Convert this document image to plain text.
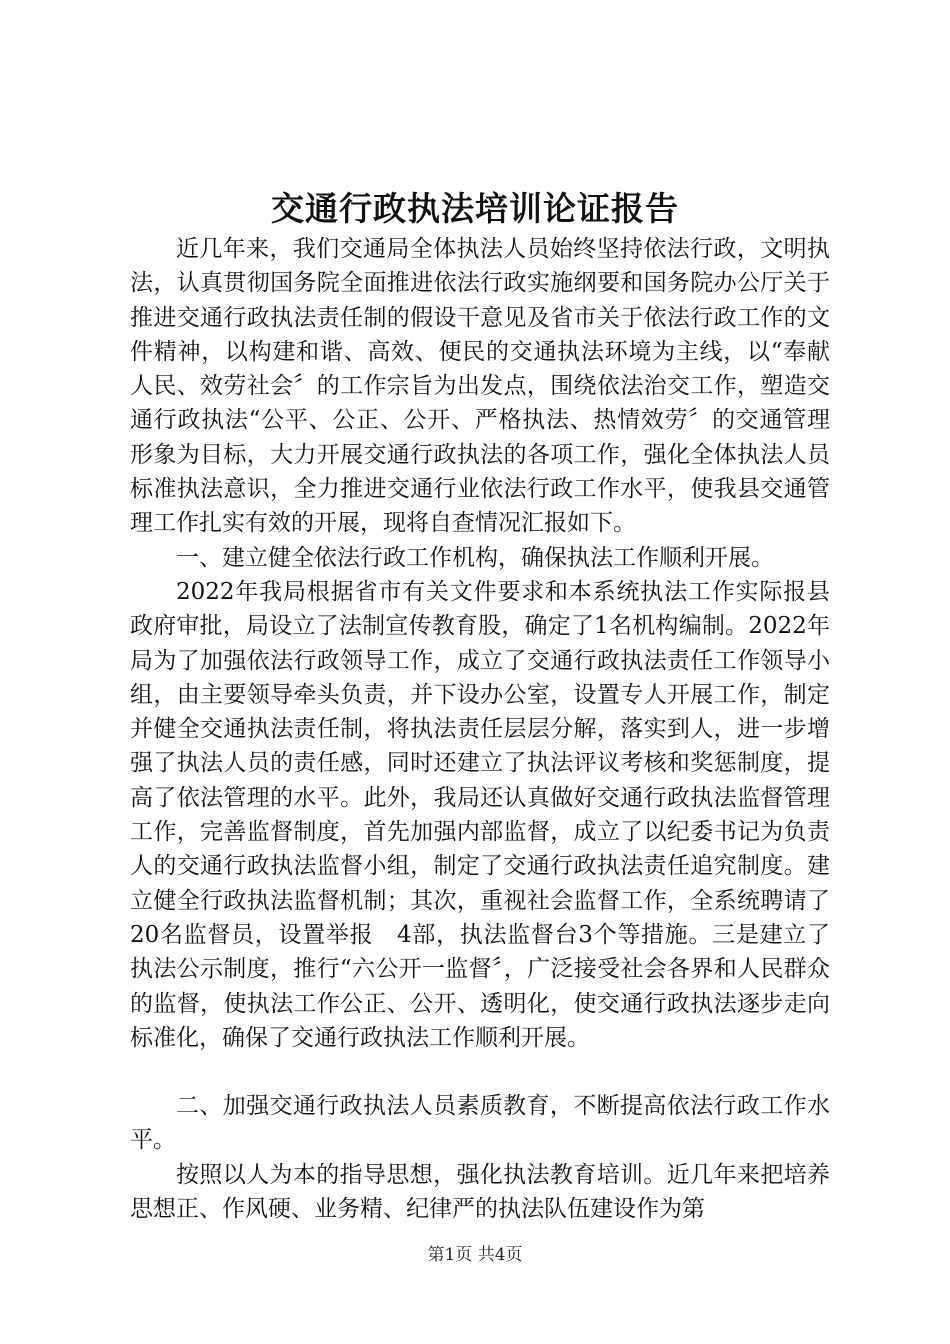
交通行政执法培训论证报告

近几年来，我们交通局全体执法人员始终坚持依法行政，文明执法，认真贯彻国务院全面推进依法行政实施纲要和国务院办公厅关于推进交通行政执法责任制的假设干意见及省市关于依法行政工作的文件精神，以构建和谐、高效、便民的交通执法环境为主线，以“奉献人民、效劳社会〞的工作宗旨为出发点，围绕依法治交工作，塑造交通行政执法“公平、公正、公开、严格执法、热情效劳〞的交通管理形象为目标，大力开展交通行政执法的各项工作，强化全体执法人员标准执法意识，全力推进交通行业依法行政工作水平，使我县交通管理工作扎实有效的开展，现将自查情况汇报如下。

一、建立健全依法行政工作机构，确保执法工作顺利开展。

2022年我局根据省市有关文件要求和本系统执法工作实际报县政府审批，局设立了法制宣传教育股，确定了1名机构编制。2022年局为了加强依法行政领导工作，成立了交通行政执法责任工作领导小组，由主要领导牵头负责，并下设办公室，设置专人开展工作，制定并健全交通执法责任制，将执法责任层层分解，落实到人，进一步增强了执法人员的责任感，同时还建立了执法评议考核和奖惩制度，提高了依法管理的水平。此外，我局还认真做好交通行政执法监督管理工作，完善监督制度，首先加强内部监督，成立了以纪委书记为负责人的交通行政执法监督小组，制定了交通行政执法责任追究制度。建立健全行政执法监督机制；其次，重视社会监督工作，全系统聘请了20名监督员，设置举报　4部，执法监督台3个等措施。三是建立了执法公示制度，推行“六公开一监督〞，广泛接受社会各界和人民群众的监督，使执法工作公正、公开、透明化，使交通行政执法逐步走向标准化，确保了交通行政执法工作顺利开展。

二、加强交通行政执法人员素质教育，不断提高依法行政工作水平。

按照以人为本的指导思想，强化执法教育培训。近几年来把培养思想正、作风硬、业务精、纪律严的执法队伍建设作为第

第1页 共4页
